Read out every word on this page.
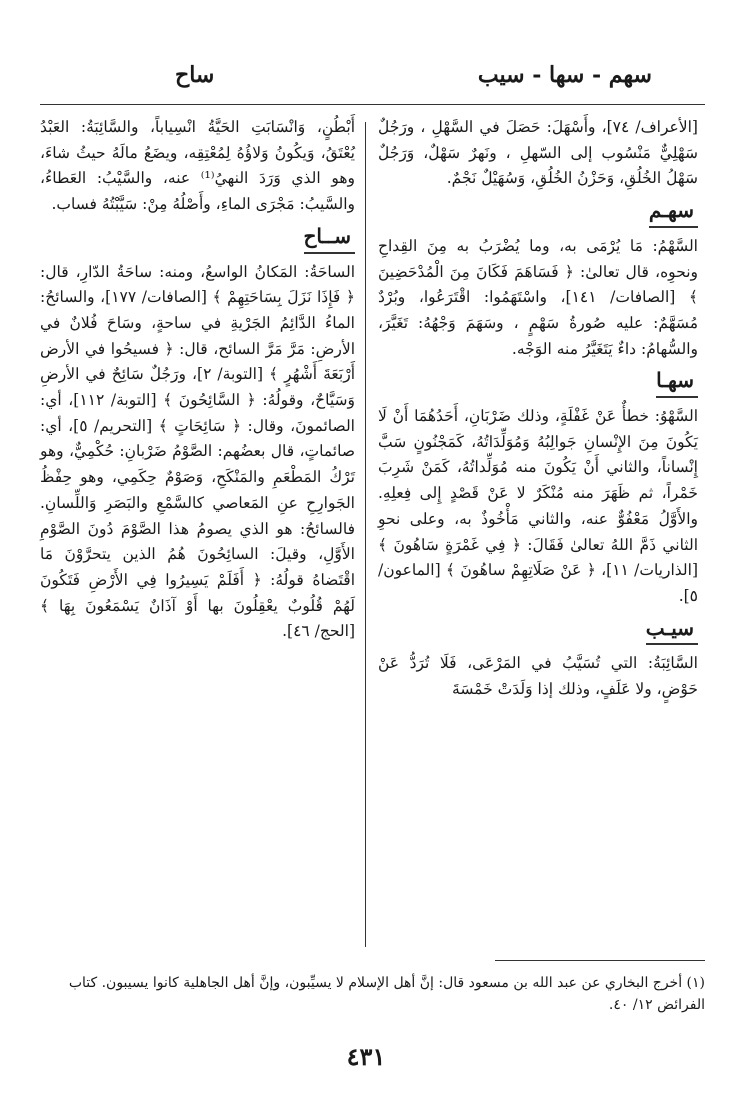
سهم - سها - سيب
ساح

[الأعراف/ ٧٤]، وأَسْهَلَ: حَصَلَ في السَّهْلِ ، ورَجُلٌ سَهْلِيٌّ مَنْسُوب إلى السّهلِ ، ونَهرٌ سَهْلٌ، وَرَجُلٌ سَهْلُ الخُلُقِ، وَحَزْنُ الخُلُقِ، وَسُهَيْلٌ نَجْمٌ.

سهـم

السَّهْمُ: مَا يُرْمَى به، وما يُضْرَبُ به مِنَ القِداحِ ونحوِه، قال تعالىٰ: ﴿ فَسَاهَمَ فَكَانَ مِنَ الْمُدْحَضِينَ ﴾ [الصافات/ ١٤١]، واسْتَهَمُوا: اقْتَرَعُوا، وبُرْدٌ مُسَهَّمٌ: عليه صُورةُ سَهْمٍ ، وسَهَمَ وَجْهُهُ: تَغَيَّرَ، والسُّهامُ: داءٌ يَتَغَيَّرُ منه الوَجْه.

سهـا

السَّهْوُ: خطأٌ عَنْ غَفْلَةٍ، وذلك ضَرْبَانِ، أَحَدُهُمَا أَنْ لَا يَكُونَ مِنَ الإِنْسانِ جَوالِبُهُ وَمُوَلِّدَاتُهُ، كَمَجْنُونٍ سَبَّ إِنْساناً، والثاني أَنْ يَكُونَ منه مُوَلِّداتُهُ، كَمَنْ شَرِبَ خَمْراً، ثم ظَهَرَ منه مُنْكَرٌ لا عَنْ قَصْدٍ إِلى فِعلِهِ. والأَوَّلُ مَعْفُوٌّ عنه، والثاني مَأْخُوذٌ به، وعلى نحوِ الثاني ذَمَّ اللهُ تعالىٰ فَقَالَ: ﴿ فِي غَمْرَةٍ سَاهُونَ ﴾ [الذاريات/ ١١]، ﴿ عَنْ صَلَاتِهِمْ ساهُونَ ﴾ [الماعون/ ٥].

سيـب

السَّائِبَةُ: التي تُسَيَّبُ في المَرْعَى، فَلَا تُرَدُّ عَنْ حَوْضٍ، ولا عَلَفٍ، وذلك إذا وَلَدَتْ خَمْسَةَ

أَبْطُنٍ، وَانْسَابَتِ الحَيَّةُ انْسِياباً، والسَّائِبَةُ: العَبْدُ يُعْتَقُ، وَيكُونُ وَلاؤُهُ لِمُعْتِقِه، ويضَعُ مالَهُ حيثُ شاءَ، وهو الذي وَرَدَ النهيُ⁽¹⁾ عنه، والسَّيْبُ: العَطاءُ، والسَّيبُ: مَجْرَى الماءِ، وأَصْلُهُ مِنْ: سَيَّبْتُهُ فساب.

ســاح

الساحَةُ: المَكانُ الواسعُ، ومنه: ساحَةُ الدّارِ، قال: ﴿ فَإِذَا نَزَلَ بِسَاحَتِهِمْ ﴾ [الصافات/ ١٧٧]، والسائحُ: الماءُ الدَّائِمُ الجَرْيةِ في ساحةٍ، وسَاحَ فُلانٌ في الأرضِ: مَرَّ مَرَّ السائح، قال: ﴿ فسيحُوا في الأرض أَرْبَعَةَ أَشْهُرٍ ﴾ [التوبة/ ٢]، ورَجُلٌ سَائِحٌ في الأرضِ وَسَيَّاحٌ، وقولُهُ: ﴿ السَّائِحُونَ ﴾ [التوبة/ ١١٢]، أي: الصائمونَ، وقال: ﴿ سَائِحَاتٍ ﴾ [التحريم/ ٥]، أي: صائماتٍ، قال بعضُهم: الصَّوْمُ ضَرْبانِ: حُكْمِيٌّ، وهو تَرْكُ المَطْعَمِ والمَنْكَحِ، وَصَوْمٌ حِكَمِي، وهو حِفْظُ الجَوارِحِ عنِ المَعاصي كالسَّمْعِ والبَصَرِ وَاللِّسانِ. فالسائحُ: هو الذي يصومُ هذا الصَّوْمَ دُونَ الصَّوْمِ الأَوَّلِ، وقيلَ: السائِحُونَ هُمُ الذين يتحرَّوْنَ مَا اقْتَضاهُ قولُهُ: ﴿ أَفَلَمْ يَسِيرُوا فِي الأَرْضِ فَتَكُونَ لَهُمْ قُلُوبٌ يعْقِلُونَ بها أَوْ آذَانٌ يَسْمَعُونَ بِهَا ﴾ [الحج/ ٤٦].

(١) أخرج البخاري عن عبد الله بن مسعود قال: إنَّ أهل الإسلام لا يسيِّبون، وإنَّ أهل الجاهلية كانوا يسيبون. كتاب الفرائض ١٢/ ٤٠.
٤٣١
